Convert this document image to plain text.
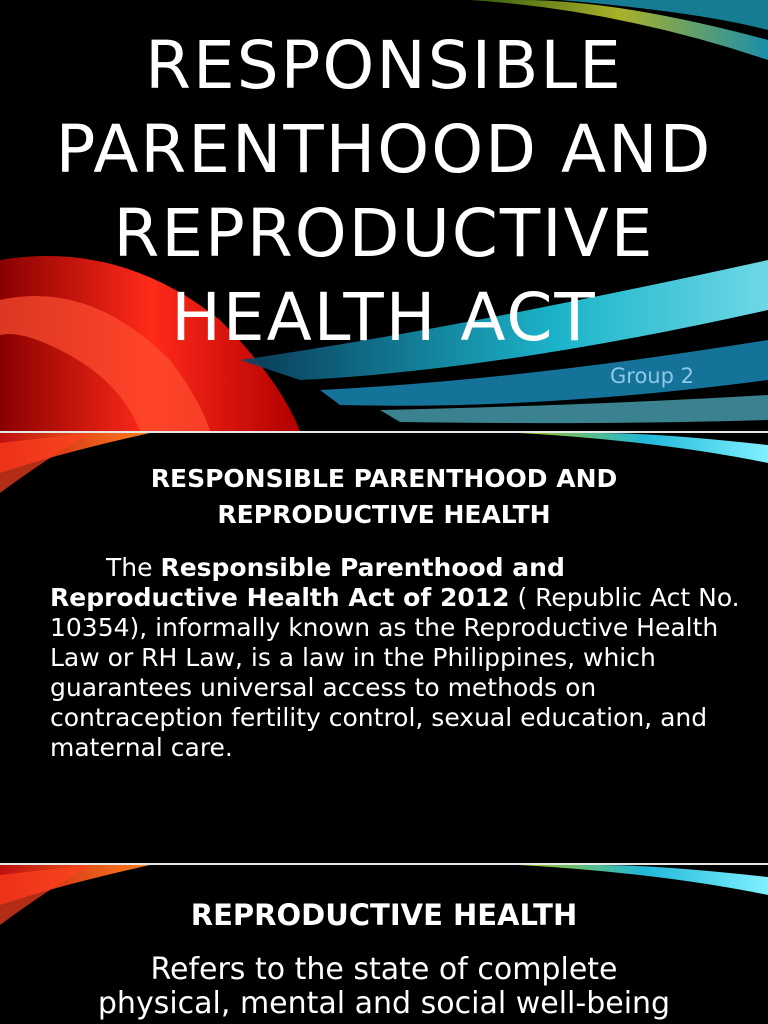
RESPONSIBLE
PARENTHOOD AND
REPRODUCTIVE
HEALTH ACT

Group 2

RESPONSIBLE PARENTHOOD AND
REPRODUCTIVE HEALTH

The Responsible Parenthood and Reproductive Health Act of 2012 ( Republic Act No. 10354), informally known as the Reproductive Health Law or RH Law, is a law in the Philippines, which guarantees universal access to methods on contraception fertility control, sexual education, and maternal care.

REPRODUCTIVE HEALTH

Refers to the state of complete
physical, mental and social well-being
